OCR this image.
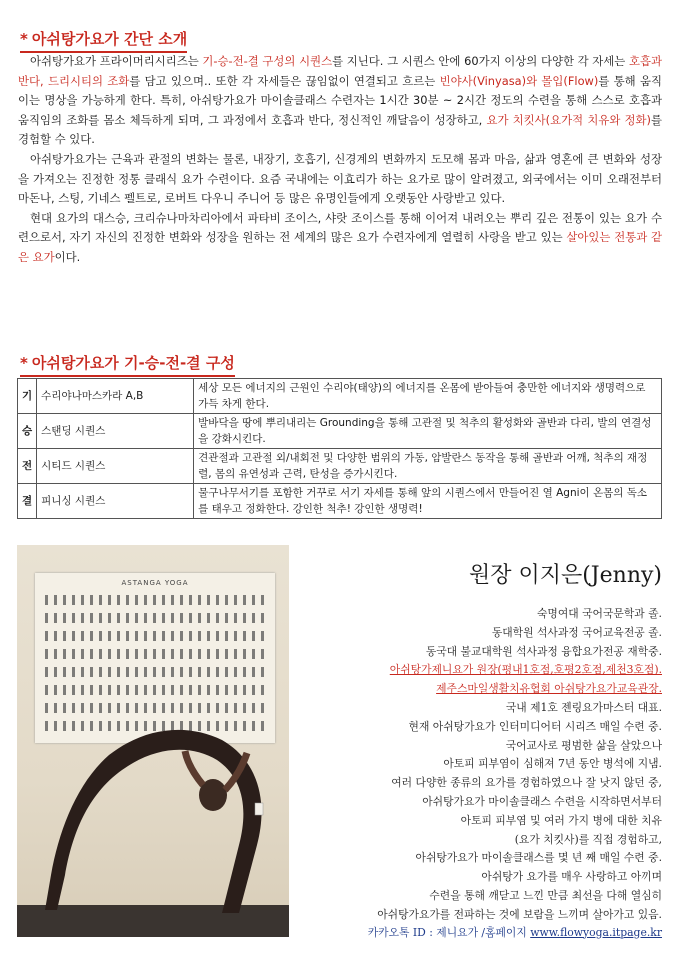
* 아쉬탕가요가 간단 소개

아쉬탕가요가 프라이머리시리즈는 기-승-전-결 구성의 시퀀스를 지닌다. 그 시퀀스 안에 60가지 이상의 다양한 각 자세는 호흡과 반다, 드리시티의 조화를 담고 있으며.. 또한 각 자세들은 끊임없이 연결되고 흐르는 빈야사(Vinyasa)와 몰입(Flow)를 통해 움직이는 명상을 가능하게 한다. 특히, 아쉬탕가요가 마이솔클래스 수련자는 1시간 30분 ~ 2시간 정도의 수련을 통해 스스로 호흡과 움직임의 조화를 몸소 체득하게 되며, 그 과정에서 호흡과 반다, 정신적인 깨달음이 성장하고, 요가 치킷사(요가적 치유와 정화)를 경험할 수 있다.

아쉬탕가요가는 근육과 관절의 변화는 물론, 내장기, 호흡기, 신경계의 변화까지 도모해 몸과 마음, 삶과 영혼에 큰 변화와 성장을 가져오는 진정한 정통 클래식 요가 수련이다. 요즘 국내에는 이효리가 하는 요가로 많이 알려졌고, 외국에서는 이미 오래전부터 마돈나, 스팅, 기네스 펠트로, 로버트 다우니 주니어 등 많은 유명인들에게 오랫동안 사랑받고 있다.

현대 요가의 대스승, 크리슈나마차리아에서 파타비 조이스, 샤랏 조이스를 통해 이어져 내려오는 뿌리 깊은 전통이 있는 요가 수련으로서, 자기 자신의 진정한 변화와 성장을 원하는 전 세계의 많은 요가 수련자에게 열렬히 사랑을 받고 있는 살아있는 전통과 같은 요가이다.

* 아쉬탕가요가 기-승-전-결 구성
기	수리야나마스카라 A,B	세상 모든 에너지의 근원인 수리야(태양)의 에너지를 온몸에 받아들여 충만한 에너지와 생명력으로 가득 차게 한다.
승	스탠딩 시퀀스	발바닥을 땅에 뿌리내리는 Grounding을 통해 고관절 및 척추의 활성화와 골반과 다리, 발의 연결성을 강화시킨다.
전	시티드 시퀀스	견관절과 고관절 외/내회전 및 다양한 범위의 가동, 암발란스 동작을 통해 골반과 어깨, 척추의 재정렬, 몸의 유연성과 근력, 탄성을 증가시킨다.
결	피니싱 시퀀스	물구나무서기를 포함한 거꾸로 서기 자세를 통해 앞의 시퀀스에서 만들어진 열 Agni이 온몸의 독소를 태우고 정화한다. 강인한 척추! 강인한 생명력!
ASTANGA YOGA	원장 이지은(Jenny)
숙명여대 국어국문학과 졸.
동대학원 석사과정 국어교육전공 졸.
동국대 불교대학원 석사과정 융합요가전공 재학중.
아쉬탕가제니요가 원장(평내1호점,호평2호점,제천3호점).
제주스마일생활치유협회 아쉬탕가요가교육관장.
국내 제1호 젠링요가마스터 대표.
현재 아쉬탕가요가 인터미디어터 시리즈 매일 수련 중.
국어교사로 평범한 삶을 살았으나
아토피 피부염이 심해져 7년 동안 병석에 지냄.
여러 다양한 종류의 요가를 경험하였으나 잘 낫지 않던 중,
아쉬탕가요가 마이솔클래스 수련을 시작하면서부터
아토피 피부염 및 여러 가지 병에 대한 치유
(요가 치킷사)를 직접 경험하고,
아쉬탕가요가 마이솔클래스를 몇 년 째 매일 수련 중.
아쉬탕가 요가를 매우 사랑하고 아끼며
수련을 통해 깨닫고 느낀 만큼 최선을 다해 열심히
아쉬탕가요가를 전파하는 것에 보람을 느끼며 살아가고 있음.
카카오톡 ID : 제니요가 /홈페이지 www.flowyoga.itpage.kr
